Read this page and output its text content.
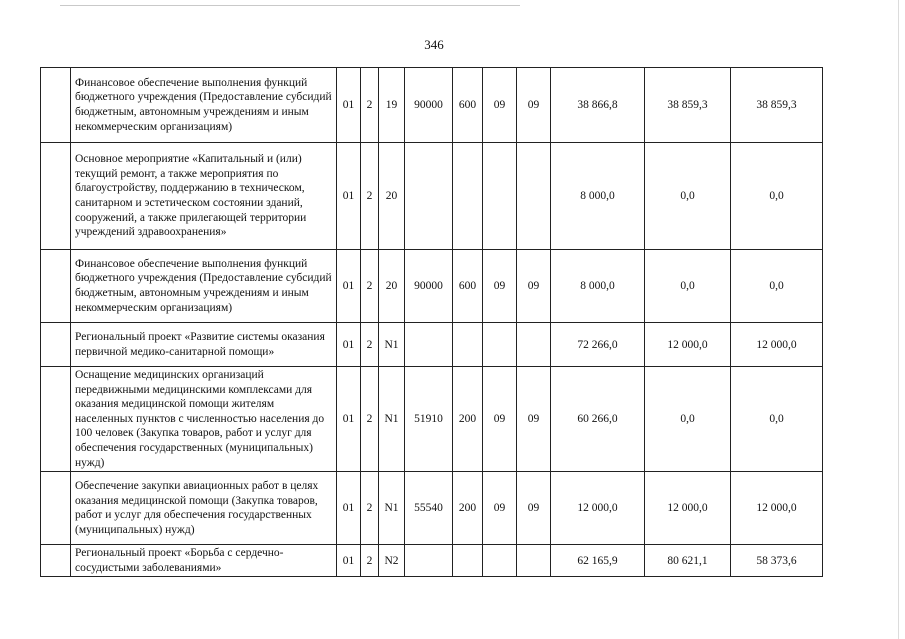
346
	Финансовое обеспечение выполнения функций бюджетного учреждения (Предоставление субсидий бюджетным, автономным учреждениям и иным некоммерческим организациям)	01	2	19	90000	600	09	09	38 866,8	38 859,3	38 859,3
	Основное мероприятие «Капитальный и (или) текущий ремонт, а также мероприятия по благоустройству, поддержанию в техническом, санитарном и эстетическом состоянии зданий, сооружений, а также прилегающей территории учреждений здравоохранения»	01	2	20					8 000,0	0,0	0,0
	Финансовое обеспечение выполнения функций бюджетного учреждения (Предоставление субсидий бюджетным, автономным учреждениям и иным некоммерческим организациям)	01	2	20	90000	600	09	09	8 000,0	0,0	0,0
	Региональный проект «Развитие системы оказания первичной медико-санитарной помощи»	01	2	N1					72 266,0	12 000,0	12 000,0
	Оснащение медицинских организаций передвижными медицинскими комплексами для оказания медицинской помощи жителям населенных пунктов с численностью населения до 100 человек (Закупка товаров, работ и услуг для обеспечения государственных (муниципальных) нужд)	01	2	N1	51910	200	09	09	60 266,0	0,0	0,0
	Обеспечение закупки авиационных работ в целях оказания медицинской помощи (Закупка товаров, работ и услуг для обеспечения государственных (муниципальных) нужд)	01	2	N1	55540	200	09	09	12 000,0	12 000,0	12 000,0
	Региональный проект «Борьба с сердечно-сосудистыми заболеваниями»	01	2	N2					62 165,9	80 621,1	58 373,6
